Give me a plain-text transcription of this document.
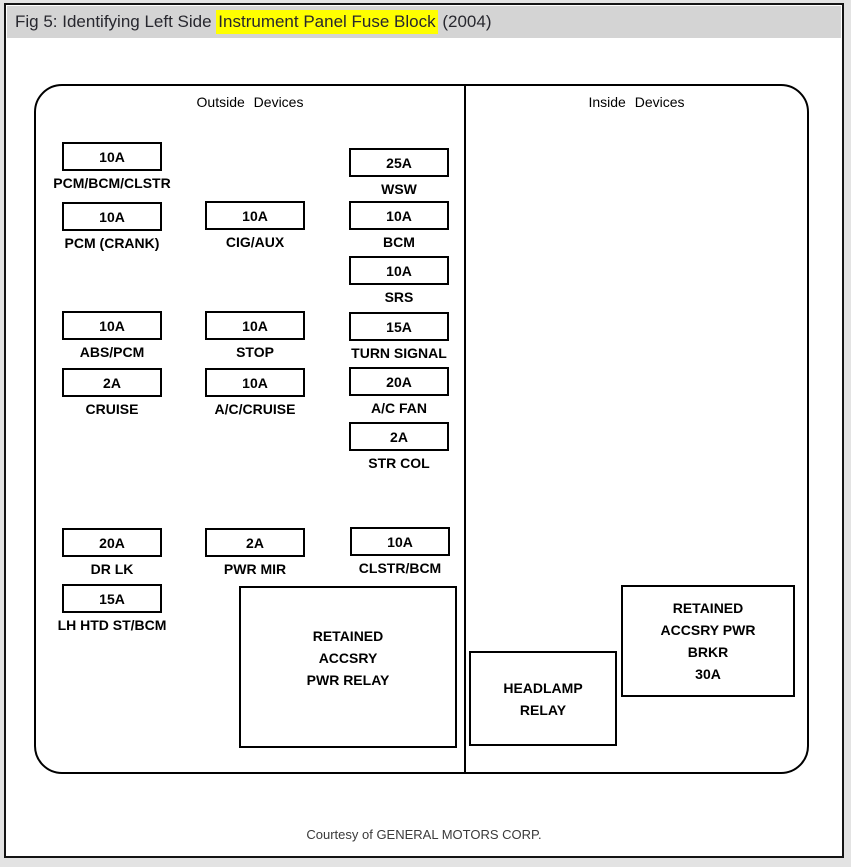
Fig 5: Identifying Left Side Instrument Panel Fuse Block (2004)
Outside Devices	Inside Devices
10A
PCM/BCM/CLSTR
10A
PCM (CRANK)
10A
CIG/AUX
25A
WSW
10A
BCM
10A
SRS
15A
TURN SIGNAL
20A
A/C FAN
2A
STR COL
10A
ABS/PCM
10A
STOP
2A
CRUISE
10A
A/C/CRUISE
20A
DR LK
2A
PWR MIR
10A
CLSTR/BCM
15A
LH HTD ST/BCM
RETAINED
ACCSRY
PWR RELAY	HEADLAMP
RELAY
RETAINED
ACCSRY PWR
BRKR
30A
Courtesy of GENERAL MOTORS CORP.
